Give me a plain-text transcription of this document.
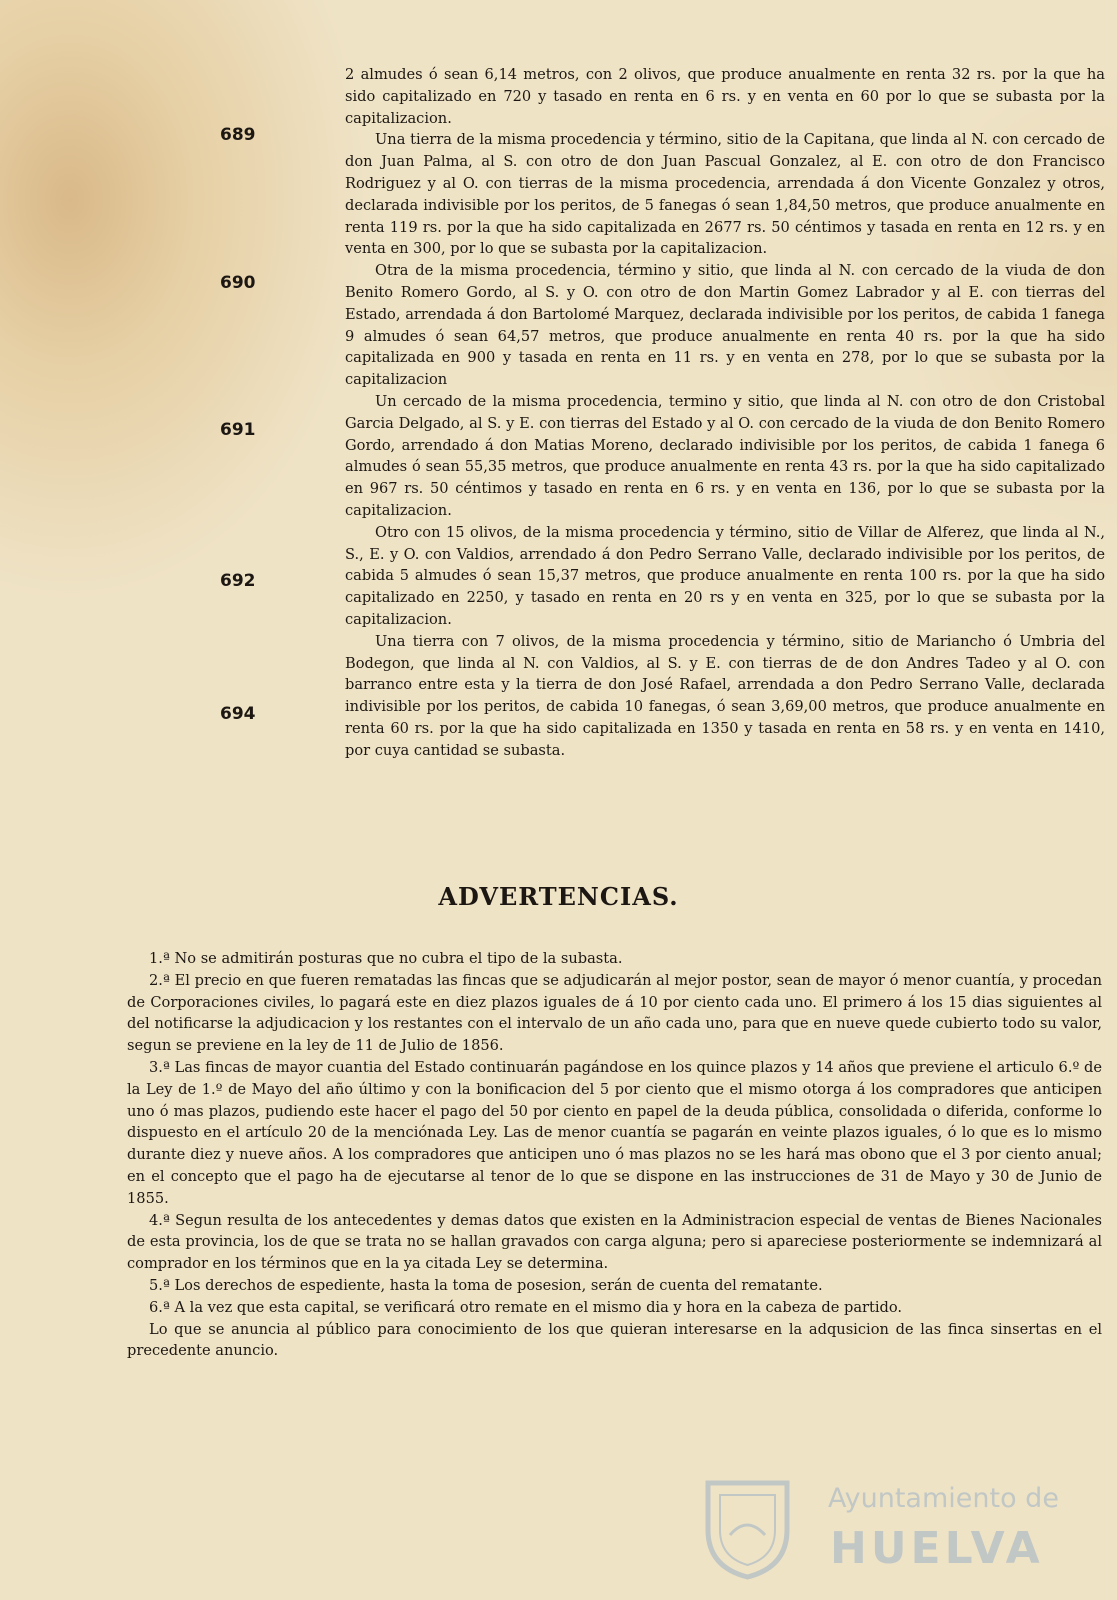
689
690
691
692
694

2 almudes ó sean 6,14 metros, con 2 olivos, que produce anualmente en renta 32 rs. por la que ha sido capitalizado en 720 y tasado en renta en 6 rs. y en venta en 60 por lo que se subasta por la capitalizacion.

Una tierra de la misma procedencia y término, sitio de la Capitana, que linda al N. con cercado de don Juan Palma, al S. con otro de don Juan Pascual Gonzalez, al E. con otro de don Francisco Rodriguez y al O. con tierras de la misma procedencia, arrendada á don Vicente Gonzalez y otros, declarada indivisible por los peritos, de 5 fanegas ó sean 1,84,50 metros, que produce anualmente en renta 119 rs. por la que ha sido capitalizada en 2677 rs. 50 céntimos y tasada en renta en 12 rs. y en venta en 300, por lo que se subasta por la capitalizacion.

Otra de la misma procedencia, término y sitio, que linda al N. con cercado de la viuda de don Benito Romero Gordo, al S. y O. con otro de don Martin Gomez Labrador y al E. con tierras del Estado, arrendada á don Bartolomé Marquez, declarada indivisible por los peritos, de cabida 1 fanega 9 almudes ó sean 64,57 metros, que produce anualmente en renta 40 rs. por la que ha sido capitalizada en 900 y tasada en renta en 11 rs. y en venta en 278, por lo que se subasta por la capitalizacion

Un cercado de la misma procedencia, termino y sitio, que linda al N. con otro de don Cristobal Garcia Delgado, al S. y E. con tierras del Estado y al O. con cercado de la viuda de don Benito Romero Gordo, arrendado á don Matias Moreno, declarado indivisible por los peritos, de cabida 1 fanega 6 almudes ó sean 55,35 metros, que produce anualmente en renta 43 rs. por la que ha sido capitalizado en 967 rs. 50 céntimos y tasado en renta en 6 rs. y en venta en 136, por lo que se subasta por la capitalizacion.

Otro con 15 olivos, de la misma procedencia y término, sitio de Villar de Alferez, que linda al N., S., E. y O. con Valdios, arrendado á don Pedro Serrano Valle, declarado indivisible por los peritos, de cabida 5 almudes ó sean 15,37 metros, que produce anualmente en renta 100 rs. por la que ha sido capitalizado en 2250, y tasado en renta en 20 rs y en venta en 325, por lo que se subasta por la capitalizacion.

Una tierra con 7 olivos, de la misma procedencia y término, sitio de Mariancho ó Umbria del Bodegon, que linda al N. con Valdios, al S. y E. con tierras de de don Andres Tadeo y al O. con barranco entre esta y la tierra de don José Rafael, arrendada a don Pedro Serrano Valle, declarada indivisible por los peritos, de cabida 10 fanegas, ó sean 3,69,00 metros, que produce anualmente en renta 60 rs. por la que ha sido capitalizada en 1350 y tasada en renta en 58 rs. y en venta en 1410, por cuya cantidad se subasta.

ADVERTENCIAS.

1.ª No se admitirán posturas que no cubra el tipo de la subasta.

2.ª El precio en que fueren rematadas las fincas que se adjudicarán al mejor postor, sean de mayor ó menor cuantía, y procedan de Corporaciones civiles, lo pagará este en diez plazos iguales de á 10 por ciento cada uno. El primero á los 15 dias siguientes al del notificarse la adjudicacion y los restantes con el intervalo de un año cada uno, para que en nueve quede cubierto todo su valor, segun se previene en la ley de 11 de Julio de 1856.

3.ª Las fincas de mayor cuantia del Estado continuarán pagándose en los quince plazos y 14 años que previene el articulo 6.º de la Ley de 1.º de Mayo del año último y con la bonificacion del 5 por ciento que el mismo otorga á los compradores que anticipen uno ó mas plazos, pudiendo este hacer el pago del 50 por ciento en papel de la deuda pública, consolidada o diferida, conforme lo dispuesto en el artículo 20 de la menciónada Ley. Las de menor cuantía se pagarán en veinte plazos iguales, ó lo que es lo mismo durante diez y nueve años. A los compradores que anticipen uno ó mas plazos no se les hará mas obono que el 3 por ciento anual; en el concepto que el pago ha de ejecutarse al tenor de lo que se dispone en las instrucciones de 31 de Mayo y 30 de Junio de 1855.

4.ª Segun resulta de los antecedentes y demas datos que existen en la Administracion especial de ventas de Bienes Nacionales de esta provincia, los de que se trata no se hallan gravados con carga alguna; pero si apareciese posteriormente se indemnizará al comprador en los términos que en la ya citada Ley se determina.

5.ª Los derechos de espediente, hasta la toma de posesion, serán de cuenta del rematante.

6.ª A la vez que esta capital, se verificará otro remate en el mismo dia y hora en la cabeza de partido.

Lo que se anuncia al público para conocimiento de los que quieran interesarse en la adqusicion de las finca sinsertas en el precedente anuncio.

Ayuntamiento de
HUELVA
